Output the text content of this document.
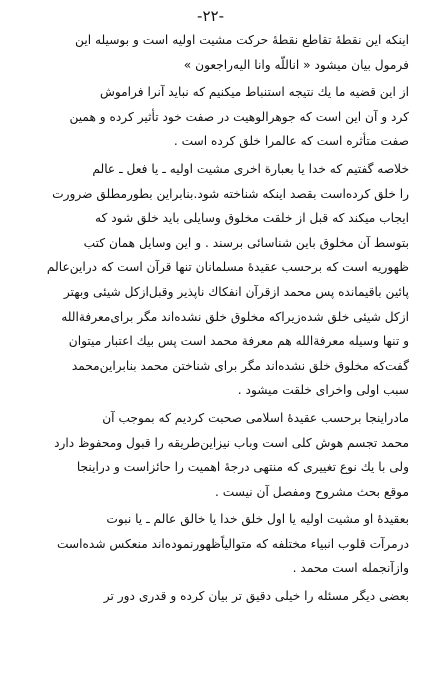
-۲۲-
اینکه این نقطهٔ تقاطع نقطهٔ حرکت مشیت اولیه است و بوسیله این
فرمول بیان میشود « اناللّه وانا الیه‌راجعون »
از این قضیه ما یك نتیجه استنباط میکنیم که نباید آنرا فراموش
کرد و آن این است که جوهرالوهیت در صفت خود تأثیر کرده و همین
صفت متأثره است که عالمرا خلق کرده است .
خلاصه گفتیم که خدا یا بعبارة اخری مشیت اولیه ـ یا فعل ـ عالم
را خلق کرده‌است بقصد اینکه شناخته شود.بنابراین بطورمطلق ضرورت
ایجاب میکند که قبل از خلقت مخلوق وسایلی باید خلق شود که
بتوسط آن مخلوق باین شناسائی برسند . و این وسایل همان کتب
ظهوریه است که برحسب عقیدهٔ مسلمانان تنها قرآن است که دراین‌عالم
پائین باقیمانده پس محمد ازقرآن انفکاك ناپذیر وقبل‌ازکل شیئی وبهتر
ازکل شیئی خلق شده‌زیراکه مخلوق خلق نشده‌اند مگر برای‌معرفةالله
و تنها وسیله معرفةالله هم معرفة محمد است پس بیك اعتبار میتوان
گفت‌که مخلوق خلق نشده‌اند مگر برای شناختن محمد بنابراین‌محمد
سبب اولی واخرای خلقت میشود .
مادراینجا برحسب عقیدهٔ اسلامی صحبت کردیم که بموجب آن
محمد تجسم هوش کلی است وباب نیزاین‌طریقه را قبول ومحفوظ دارد
ولی با یك نوع تغییری که منتهی درجهٔ اهمیت را حائزاست و دراینجا
موقع بحث مشروح ومفصل آن نیست .
بعقیدهٔ او مشیت اولیه یا اول خلق خدا یا خالق عالم ـ یا نبوت
درمرآت قلوب انبیاء مختلفه که متوالیاًظهورنموده‌اند منعکس شده‌است
وازآنجمله است محمد .
بعضی دیگر مسئله را خیلی دقیق تر بیان کرده و قدری دور تر
